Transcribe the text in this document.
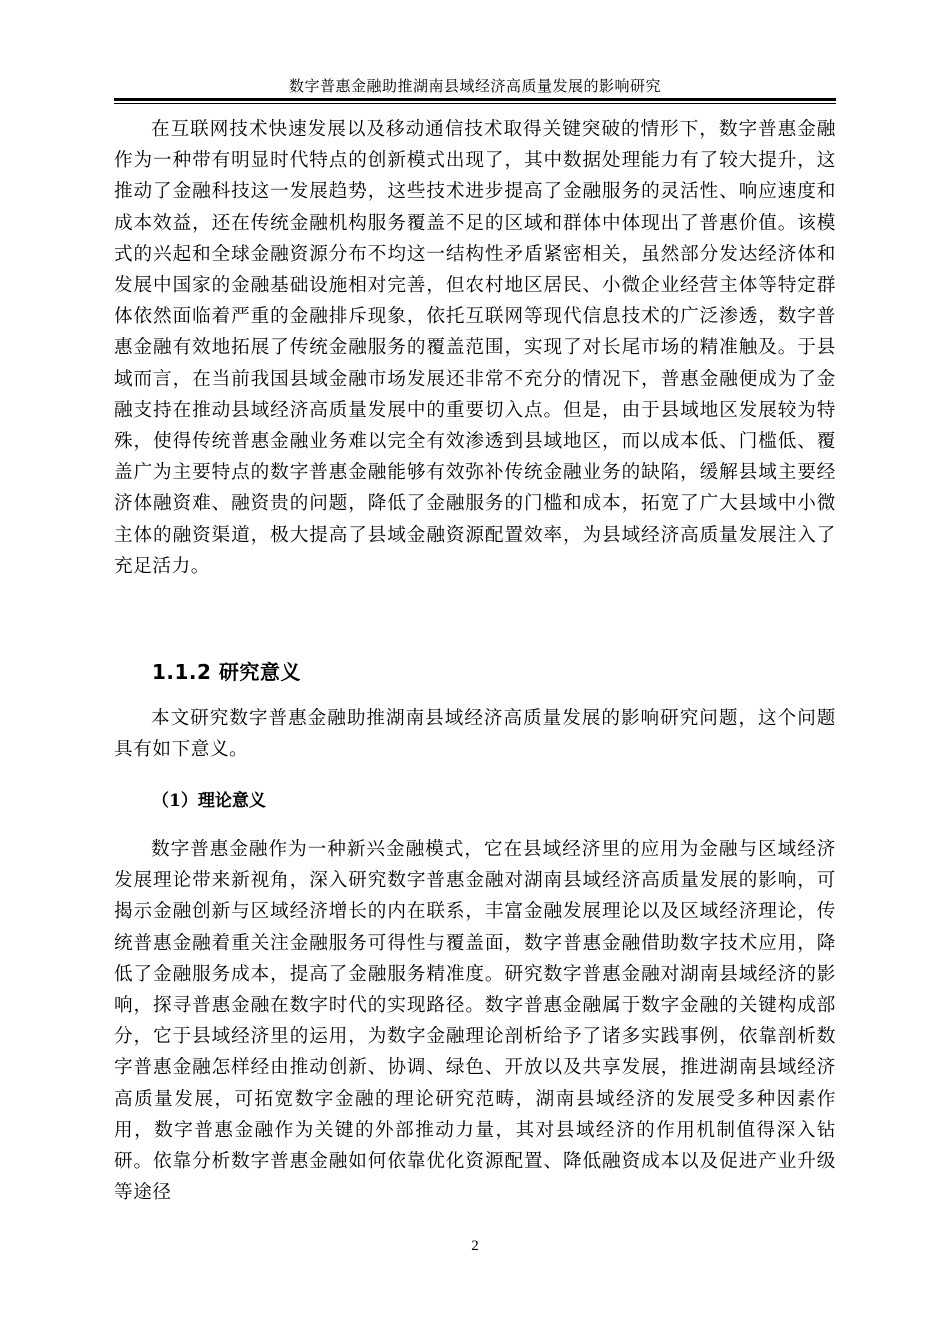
数字普惠金融助推湖南县域经济高质量发展的影响研究

在互联网技术快速发展以及移动通信技术取得关键突破的情形下，数字普惠金融作为一种带有明显时代特点的创新模式出现了，其中数据处理能力有了较大提升，这推动了金融科技这一发展趋势，这些技术进步提高了金融服务的灵活性、响应速度和成本效益，还在传统金融机构服务覆盖不足的区域和群体中体现出了普惠价值。该模式的兴起和全球金融资源分布不均这一结构性矛盾紧密相关，虽然部分发达经济体和发展中国家的金融基础设施相对完善，但农村地区居民、小微企业经营主体等特定群体依然面临着严重的金融排斥现象，依托互联网等现代信息技术的广泛渗透，数字普惠金融有效地拓展了传统金融服务的覆盖范围，实现了对长尾市场的精准触及。于县域而言，在当前我国县域金融市场发展还非常不充分的情况下，普惠金融便成为了金融支持在推动县域经济高质量发展中的重要切入点。但是，由于县域地区发展较为特殊，使得传统普惠金融业务难以完全有效渗透到县域地区，而以成本低、门槛低、覆盖广为主要特点的数字普惠金融能够有效弥补传统金融业务的缺陷，缓解县域主要经济体融资难、融资贵的问题，降低了金融服务的门槛和成本，拓宽了广大县域中小微主体的融资渠道，极大提高了县域金融资源配置效率，为县域经济高质量发展注入了充足活力。

1.1.2 研究意义

本文研究数字普惠金融助推湖南县域经济高质量发展的影响研究问题，这个问题具有如下意义。

（1）理论意义

数字普惠金融作为一种新兴金融模式，它在县域经济里的应用为金融与区域经济发展理论带来新视角，深入研究数字普惠金融对湖南县域经济高质量发展的影响，可揭示金融创新与区域经济增长的内在联系，丰富金融发展理论以及区域经济理论，传统普惠金融着重关注金融服务可得性与覆盖面，数字普惠金融借助数字技术应用，降低了金融服务成本，提高了金融服务精准度。研究数字普惠金融对湖南县域经济的影响，探寻普惠金融在数字时代的实现路径。数字普惠金融属于数字金融的关键构成部分，它于县域经济里的运用，为数字金融理论剖析给予了诸多实践事例，依靠剖析数字普惠金融怎样经由推动创新、协调、绿色、开放以及共享发展，推进湖南县域经济高质量发展，可拓宽数字金融的理论研究范畴，湖南县域经济的发展受多种因素作用，数字普惠金融作为关键的外部推动力量，其对县域经济的作用机制值得深入钻研。依靠分析数字普惠金融如何依靠优化资源配置、降低融资成本以及促进产业升级等途径

2
